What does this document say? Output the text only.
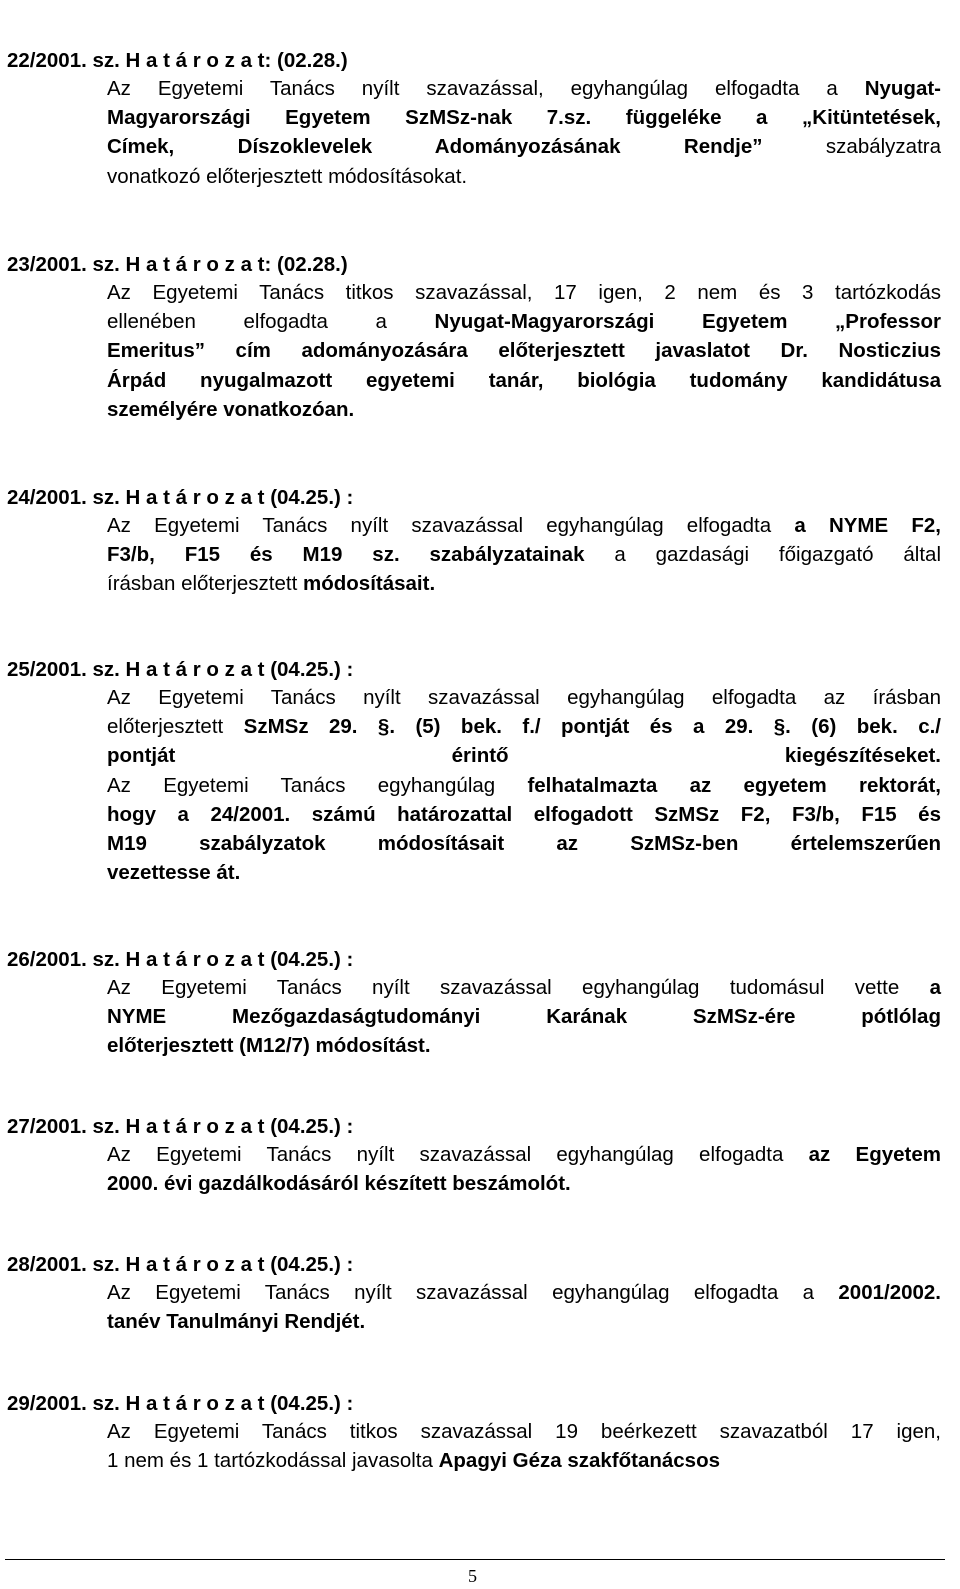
22/2001. sz. H a t á r o z a t: (02.28.)
Az Egyetemi Tanács nyílt szavazással, egyhangúlag elfogadta a Nyugat-
Magyarországi Egyetem SzMSz-nak 7.sz. függeléke a „Kitüntetések,
Címek, Díszoklevelek Adományozásának Rendje” szabályzatra
vonatkozó előterjesztett módosításokat.
23/2001. sz. H a t á r o z a t: (02.28.)
Az Egyetemi Tanács titkos szavazással, 17 igen, 2 nem és 3 tartózkodás
ellenében elfogadta a Nyugat-Magyarországi Egyetem „Professor
Emeritus” cím adományozására előterjesztett javaslatot Dr. Nosticzius
Árpád nyugalmazott egyetemi tanár, biológia tudomány kandidátusa
személyére vonatkozóan.
24/2001. sz. H a t á r o z a t (04.25.) :
Az Egyetemi Tanács nyílt szavazással egyhangúlag elfogadta a NYME F2,
F3/b, F15 és M19 sz. szabályzatainak a gazdasági főigazgató által
írásban előterjesztett módosításait.
25/2001. sz. H a t á r o z a t (04.25.) :
Az Egyetemi Tanács nyílt szavazással egyhangúlag elfogadta az írásban
előterjesztett SzMSz 29. §. (5) bek. f./ pontját és a 29. §. (6) bek. c./
pontját érintő kiegészítéseket.
Az Egyetemi Tanács egyhangúlag felhatalmazta az egyetem rektorát,
hogy a 24/2001. számú határozattal elfogadott SzMSz F2, F3/b, F15 és
M19 szabályzatok módosításait az SzMSz-ben értelemszerűen
vezettesse át.
26/2001. sz. H a t á r o z a t (04.25.) :
Az Egyetemi Tanács nyílt szavazással egyhangúlag tudomásul vette a
NYME Mezőgazdaságtudományi Karának SzMSz-ére pótlólag
előterjesztett (M12/7) módosítást.
27/2001. sz. H a t á r o z a t (04.25.) :
Az Egyetemi Tanács nyílt szavazással egyhangúlag elfogadta az Egyetem
2000. évi gazdálkodásáról készített beszámolót.
28/2001. sz. H a t á r o z a t (04.25.) :
Az Egyetemi Tanács nyílt szavazással egyhangúlag elfogadta a 2001/2002.
tanév Tanulmányi Rendjét.
29/2001. sz. H a t á r o z a t (04.25.) :
Az Egyetemi Tanács titkos szavazással 19 beérkezett szavazatból 17 igen,
1 nem és 1 tartózkodással javasolta Apagyi Géza szakfőtanácsos
5
